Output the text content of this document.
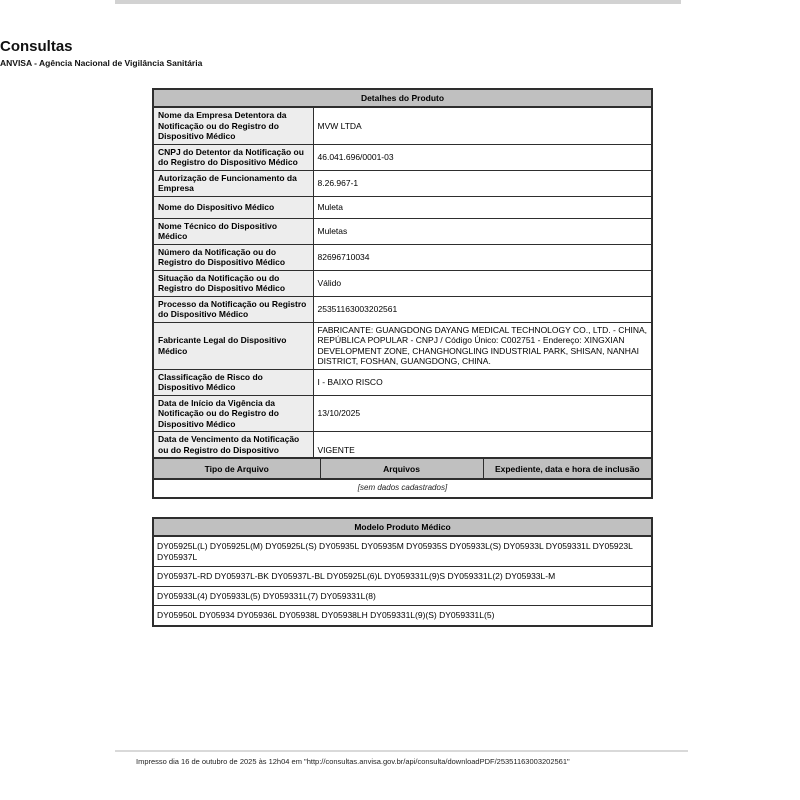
Consultas
ANVISA - Agência Nacional de Vigilância Sanitária
Detalhes do Produto	
Nome da Empresa Detentora da Notificação ou do Registro do Dispositivo Médico	MVW LTDA
CNPJ do Detentor da Notificação ou do Registro do Dispositivo Médico	46.041.696/0001-03
Autorização de Funcionamento da Empresa	8.26.967-1
Nome do Dispositivo Médico	Muleta
Nome Técnico do Dispositivo Médico	Muletas
Número da Notificação ou do Registro do Dispositivo Médico	82696710034
Situação da Notificação ou do Registro do Dispositivo Médico	Válido
Processo da Notificação ou Registro do Dispositivo Médico	25351163003202561
Fabricante Legal do Dispositivo Médico	FABRICANTE: GUANGDONG DAYANG MEDICAL TECHNOLOGY CO., LTD. - CHINA, REPÚBLICA POPULAR - CNPJ / Código Único: C002751 - Endereço: XINGXIAN DEVELOPMENT ZONE, CHANGHONGLING INDUSTRIAL PARK, SHISAN, NANHAI DISTRICT, FOSHAN, GUANGDONG, CHINA.
Classificação de Risco do Dispositivo Médico	I - BAIXO RISCO
Data de Início da Vigência da Notificação ou do Registro do Dispositivo Médico	13/10/2025
Data de Vencimento da Notificação ou do Registro do Dispositivo	VIGENTE
Tipo de Arquivo	Arquivos	Expediente, data e hora de inclusão
[sem dados cadastrados]
Modelo Produto Médico
DY05925L(L) DY05925L(M) DY05925L(S) DY05935L DY05935M DY05935S DY05933L(S) DY05933L DY059331L DY05923L DY05937L
DY05937L-RD DY05937L-BK DY05937L-BL DY05925L(6)L DY059331L(9)S DY059331L(2) DY05933L-M
DY05933L(4) DY05933L(5) DY059331L(7) DY059331L(8)
DY05950L DY05934 DY05936L DY05938L DY05938LH DY059331L(9)(S) DY059331L(5)
Impresso dia 16 de outubro de 2025 às 12h04 em "http://consultas.anvisa.gov.br/api/consulta/downloadPDF/25351163003202561"
